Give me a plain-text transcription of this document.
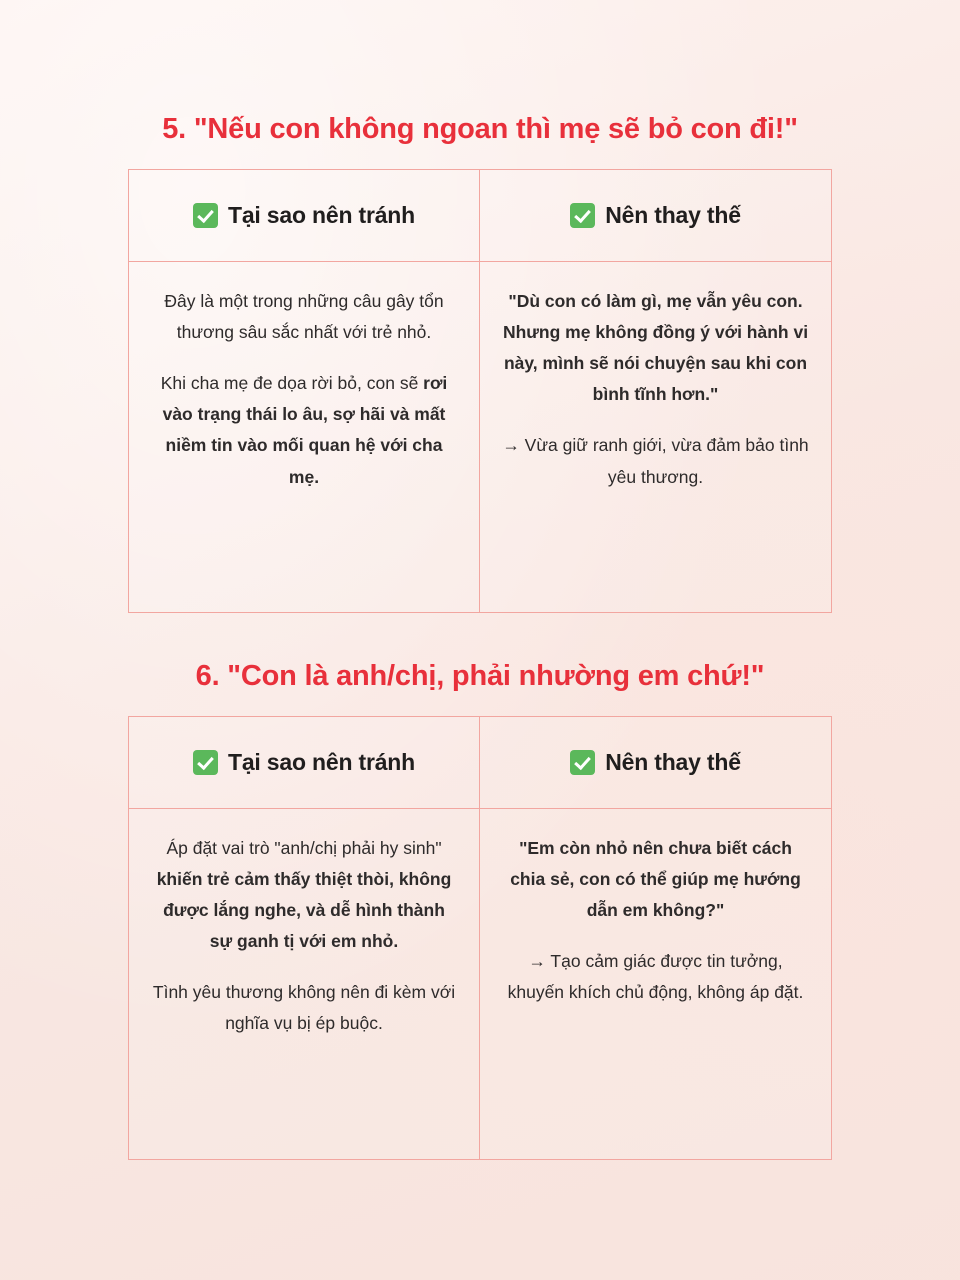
5. "Nếu con không ngoan thì mẹ sẽ bỏ con đi!"
Tại sao nên tránh

Đây là một trong những câu gây tổn thương sâu sắc nhất với trẻ nhỏ.

Khi cha mẹ đe dọa rời bỏ, con sẽ rơi vào trạng thái lo âu, sợ hãi và mất niềm tin vào mối quan hệ với cha mẹ.

Nên thay thế

"Dù con có làm gì, mẹ vẫn yêu con. Nhưng mẹ không đồng ý với hành vi này, mình sẽ nói chuyện sau khi con bình tĩnh hơn."

→ Vừa giữ ranh giới, vừa đảm bảo tình yêu thương.

6. "Con là anh/chị, phải nhường em chứ!"
Tại sao nên tránh

Áp đặt vai trò "anh/chị phải hy sinh" khiến trẻ cảm thấy thiệt thòi, không được lắng nghe, và dễ hình thành sự ganh tị với em nhỏ.

Tình yêu thương không nên đi kèm với nghĩa vụ bị ép buộc.

Nên thay thế

"Em còn nhỏ nên chưa biết cách chia sẻ, con có thể giúp mẹ hướng dẫn em không?"

→ Tạo cảm giác được tin tưởng, khuyến khích chủ động, không áp đặt.
